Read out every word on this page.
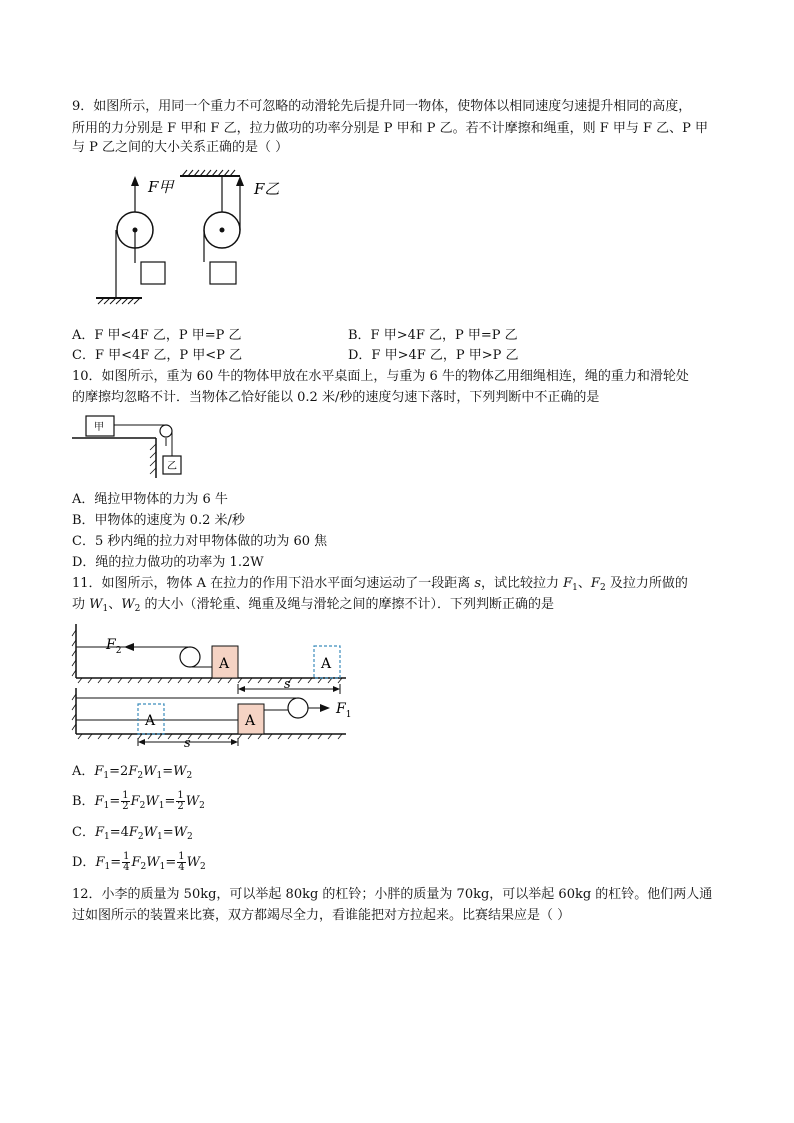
9．如图所示，用同一个重力不可忽略的动滑轮先后提升同一物体，使物体以相同速度匀速提升相同的高度，
所用的力分别是 F 甲和 F 乙，拉力做功的功率分别是 P 甲和 P 乙。若不计摩擦和绳重，则 F 甲与 F 乙、P 甲
与 P 乙之间的大小关系正确的是（ ）
F甲	F乙
A．F 甲<4F 乙，P 甲=P 乙	B．F 甲>4F 乙，P 甲=P 乙
C．F 甲<4F 乙，P 甲<P 乙	D．F 甲>4F 乙，P 甲>P 乙
10．如图所示，重为 60 牛的物体甲放在水平桌面上，与重为 6 牛的物体乙用细绳相连，绳的重力和滑轮处
的摩擦均忽略不计．当物体乙恰好能以 0.2 米/秒的速度匀速下落时，下列判断中不正确的是
甲
乙
A．绳拉甲物体的力为 6 牛
B．甲物体的速度为 0.2 米/秒
C．5 秒内绳的拉力对甲物体做的功为 60 焦
D．绳的拉力做功的功率为 1.2W
11．如图所示，物体 A 在拉力的作用下沿水平面匀速运动了一段距离 s，试比较拉力 $F_1$、$F_2$ 及拉力所做的
功 $W_1$、$W_2$ 的大小（滑轮重、绳重及绳与滑轮之间的摩擦不计）．下列判断正确的是
$F_2$
A	A
s
A
$F_1$
A
s
A．$F_1=2F_2W_1=W_2$
B．$F_1= \frac{1}{2} F_2W_1= \frac{1}{2} W_2$
C．$F_1=4F_2W_1=W_2$
D．$F_1= \frac{1}{4} F_2W_1= \frac{1}{4} W_2$
12．小李的质量为 50kg，可以举起 80kg 的杠铃；小胖的质量为 70kg，可以举起 60kg 的杠铃。他们两人通
过如图所示的装置来比赛，双方都竭尽全力，看谁能把对方拉起来。比赛结果应是（ ）
